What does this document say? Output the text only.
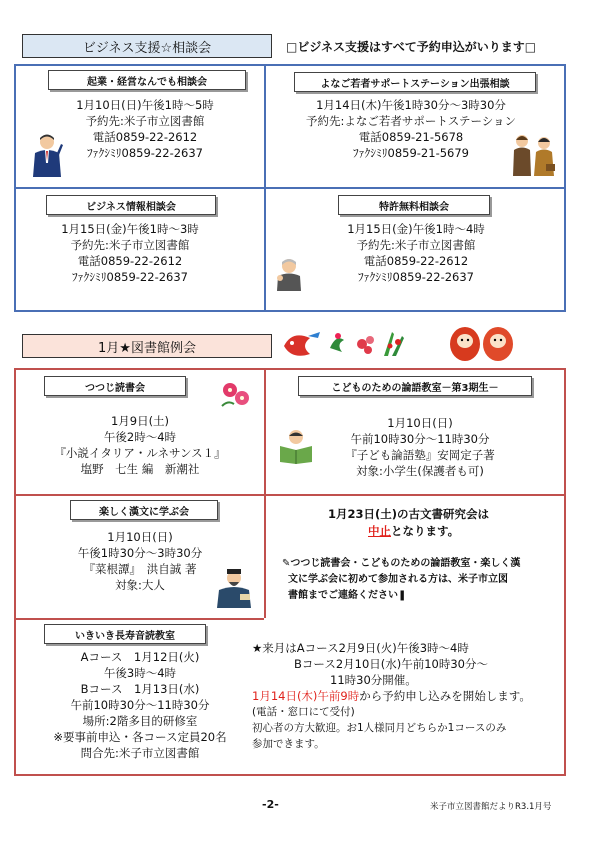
ビジネス支援☆相談会	□ビジネス支援はすべて予約申込がいります□
起業・経営なんでも相談会
1月10日(日)午後1時～5時
予約先:米子市立図書館
電話0859-22-2612
ﾌｧｸｼﾐﾘ0859-22-2637
よなご若者サポートステーション出張相談
1月14日(木)午後1時30分～3時30分
予約先:よなご若者サポートステーション
電話0859-21-5678
ﾌｧｸｼﾐﾘ0859-21-5679
ビジネス情報相談会
1月15日(金)午後1時～3時
予約先:米子市立図書館
電話0859-22-2612
ﾌｧｸｼﾐﾘ0859-22-2637
特許無料相談会
1月15日(金)午後1時～4時
予約先:米子市立図書館
電話0859-22-2612
ﾌｧｸｼﾐﾘ0859-22-2637
1月★図書館例会
つつじ読書会
1月9日(土)
午後2時～4時
『小説イタリア・ルネサンス１』
塩野　七生 編　新潮社
こどものための論語教室－第3期生－
1月10日(日)
午前10時30分～11時30分
『子ども論語塾』安岡定子著
対象:小学生(保護者も可)
楽しく漢文に学ぶ会
1月10日(日)
午後1時30分～3時30分
『菜根譚』　洪自誠 著
対象:大人
1月23日(土)の古文書研究会は
中止となります。
✎つつじ読書会・こどものための論語教室・楽しく漢
文に学ぶ会に初めて参加される方は、米子市立図
書館までご連絡ください❚
いきいき長寿音読教室
Aコース　1月12日(火)
午後3時～4時
Bコース　1月13日(水)
午前10時30分～11時30分
場所:2階多目的研修室
※要事前申込・各コース定員20名
問合先:米子市立図書館
★来月はAコース2月9日(火)午後3時～4時
Bコース2月10日(水)午前10時30分～
11時30分開催。
1月14日(木)午前9時から予約申し込みを開始します。
(電話・窓口にて受付)
初心者の方大歓迎。お1人様同月どちらか1コースのみ
参加できます。
-2-	米子市立図書館だよりR3.1月号
